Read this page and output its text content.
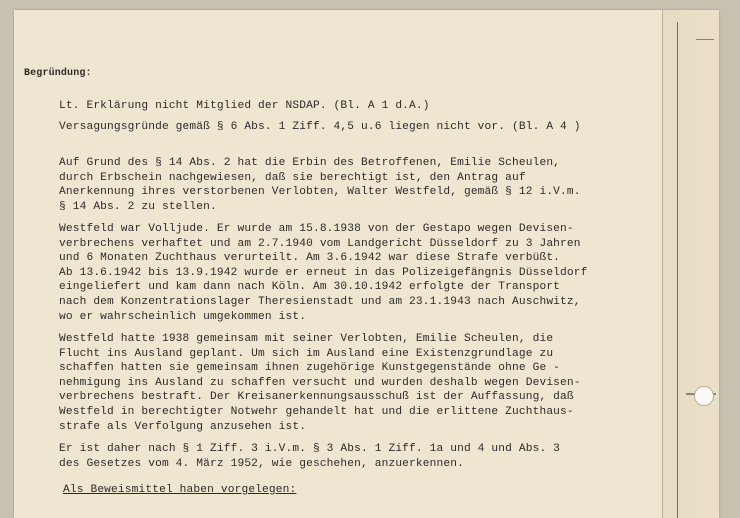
Begründung:
Lt. Erklärung nicht Mitglied der NSDAP. (Bl. A 1 d.A.)
Versagungsgründe gemäß § 6 Abs. 1 Ziff. 4,5 u.6 liegen nicht vor. (Bl. A 4 )
Auf Grund des § 14 Abs. 2 hat die Erbin des Betroffenen, Emilie Scheulen,
durch Erbschein nachgewiesen, daß sie berechtigt ist, den Antrag auf
Anerkennung ihres verstorbenen Verlobten, Walter Westfeld, gemäß § 12 i.V.m.
§ 14 Abs. 2 zu stellen.
Westfeld war Volljude. Er wurde am 15.8.1938 von der Gestapo wegen Devisen-
verbrechens verhaftet und am 2.7.1940 vom Landgericht Düsseldorf zu 3 Jahren
und 6 Monaten Zuchthaus verurteilt. Am 3.6.1942 war diese Strafe verbüßt.
Ab 13.6.1942 bis 13.9.1942 wurde er erneut in das Polizeigefängnis Düsseldorf
eingeliefert und kam dann nach Köln. Am 30.10.1942 erfolgte der Transport
nach dem Konzentrationslager Theresienstadt und am 23.1.1943 nach Auschwitz,
wo er wahrscheinlich umgekommen ist.
Westfeld hatte 1938 gemeinsam mit seiner Verlobten, Emilie Scheulen, die
Flucht ins Ausland geplant. Um sich im Ausland eine Existenzgrundlage zu
schaffen hatten sie gemeinsam ihnen zugehörige Kunstgegenstände ohne Ge -
nehmigung ins Ausland zu schaffen versucht und wurden deshalb wegen Devisen-
verbrechens bestraft. Der Kreisanerkennungsausschuß ist der Auffassung, daß
Westfeld in berechtigter Notwehr gehandelt hat und die erlittene Zuchthaus-
strafe als Verfolgung anzusehen ist.
Er ist daher nach § 1 Ziff. 3 i.V.m. § 3 Abs. 1 Ziff. 1a und 4 und Abs. 3
des Gesetzes vom 4. März 1952, wie geschehen, anzuerkennen.
Als Beweismittel haben vorgelegen:
